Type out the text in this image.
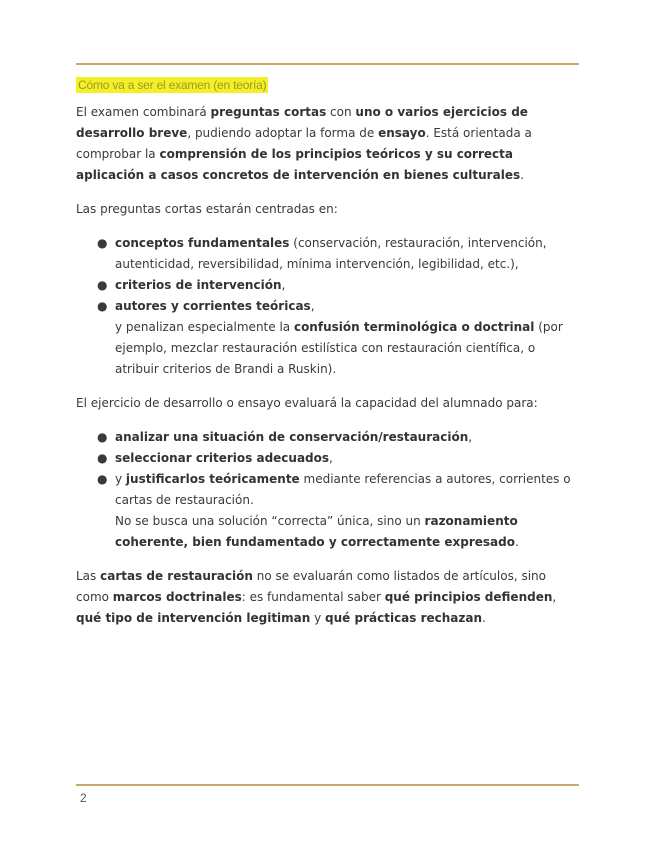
Cómo va a ser el examen (en teoría)

El examen combinará preguntas cortas con uno o varios ejercicios de desarrollo breve, pudiendo adoptar la forma de ensayo. Está orientada a comprobar la comprensión de los principios teóricos y su correcta aplicación a casos concretos de intervención en bienes culturales.

Las preguntas cortas estarán centradas en:

● conceptos fundamentales (conservación, restauración, intervención, autenticidad, reversibilidad, mínima intervención, legibilidad, etc.),
● criterios de intervención,
● autores y corrientes teóricas,
y penalizan especialmente la confusión terminológica o doctrinal (por ejemplo, mezclar restauración estilística con restauración científica, o atribuir criterios de Brandi a Ruskin).

El ejercicio de desarrollo o ensayo evaluará la capacidad del alumnado para:

● analizar una situación de conservación/restauración,
● seleccionar criterios adecuados,
● y justificarlos teóricamente mediante referencias a autores, corrientes o cartas de restauración.
No se busca una solución “correcta” única, sino un razonamiento coherente, bien fundamentado y correctamente expresado.

Las cartas de restauración no se evaluarán como listados de artículos, sino como marcos doctrinales: es fundamental saber qué principios defienden, qué tipo de intervención legitiman y qué prácticas rechazan.

2
